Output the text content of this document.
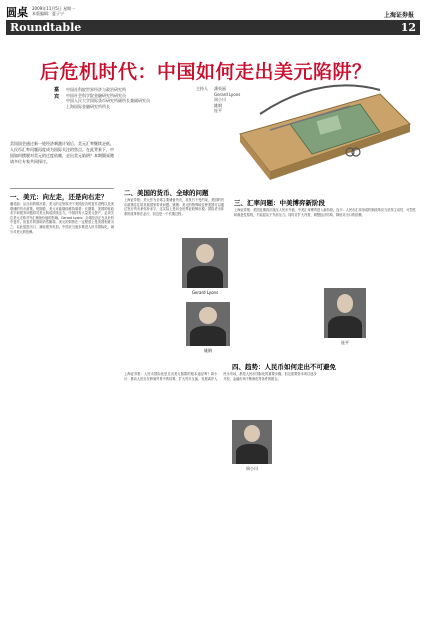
圆桌 2009年11月5日 星期一
本版编辑：夏子宁
Roundtable	12
上海证券报
后危机时代：中国如何走出美元陷阱？
嘉宾
中国社科院世界经济与政治研究所
中国社会科学院金融研究所研究员
中国人民大学国际货币研究所副所长兼副研究员
上海国际金融研究所所长
主持人 潘英丽
Gerard Lyons
周小川
姚钢
连平
美国国会通过新一轮经济刺激计划后，美元汇率继续走低，人民币汇率问题再度成为国际关注的焦点。在此背景下，中国如何摆脱对美元的过度依赖，走出美元陷阱？本期圆桌邀请多位专家共同探讨。
一、美元：向左走，还是向右走？
潘英丽：从目前的情况看，美元的走势取决于美国经济的复苏进程以及美联储的货币政策。短期看，美元可能继续维持弱势；长期看，美国的财政赤字和债务问题将对美元构成持续压力。中国持有大量美元资产，必须关注美元走势对外汇储备价值的影响。Gerard Lyons：全球经济正在从危机中复苏，但复苏的基础仍然脆弱。美元的弱势在一定程度上是美国刻意为之，以此促进出口、减轻债务负担。中国应当逐步推进人民币国际化，减少对美元的依赖。
二、美国的货币、全球的问题
上海证券报：美元作为全球主要储备货币，其发行不受约束，美国的货币政策往往给其他国家带来问题。姚钢：美元的特殊地位使美国可以通过发行货币来弥补赤字，这实际上是向全世界征收铸币税。国际货币体系的改革势在必行，但这是一个长期过程。
Gerard Lyons
姚钢
三、汇率问题：中美博弈新阶段
上海证券报：美国近期再次施压人民币升值，中美汇率博弈进入新阶段。连平：人民币汇率形成机制改革应当坚持主动性、可控性和渐进性原则，不能屈从于外部压力。同时应扩大内需，调整经济结构，降低对出口的依赖。
连平
四、趋势：人民币如何走出不可避免
上海证券报：人民币国际化是走出美元陷阱的根本途径吗？周小川：推动人民币在跨境贸易中的结算，扩大货币互换，发展离岸人民币市场，都是人民币国际化的重要步骤。但这需要资本项目逐步开放、金融市场不断深化等条件的配合。
周小川
